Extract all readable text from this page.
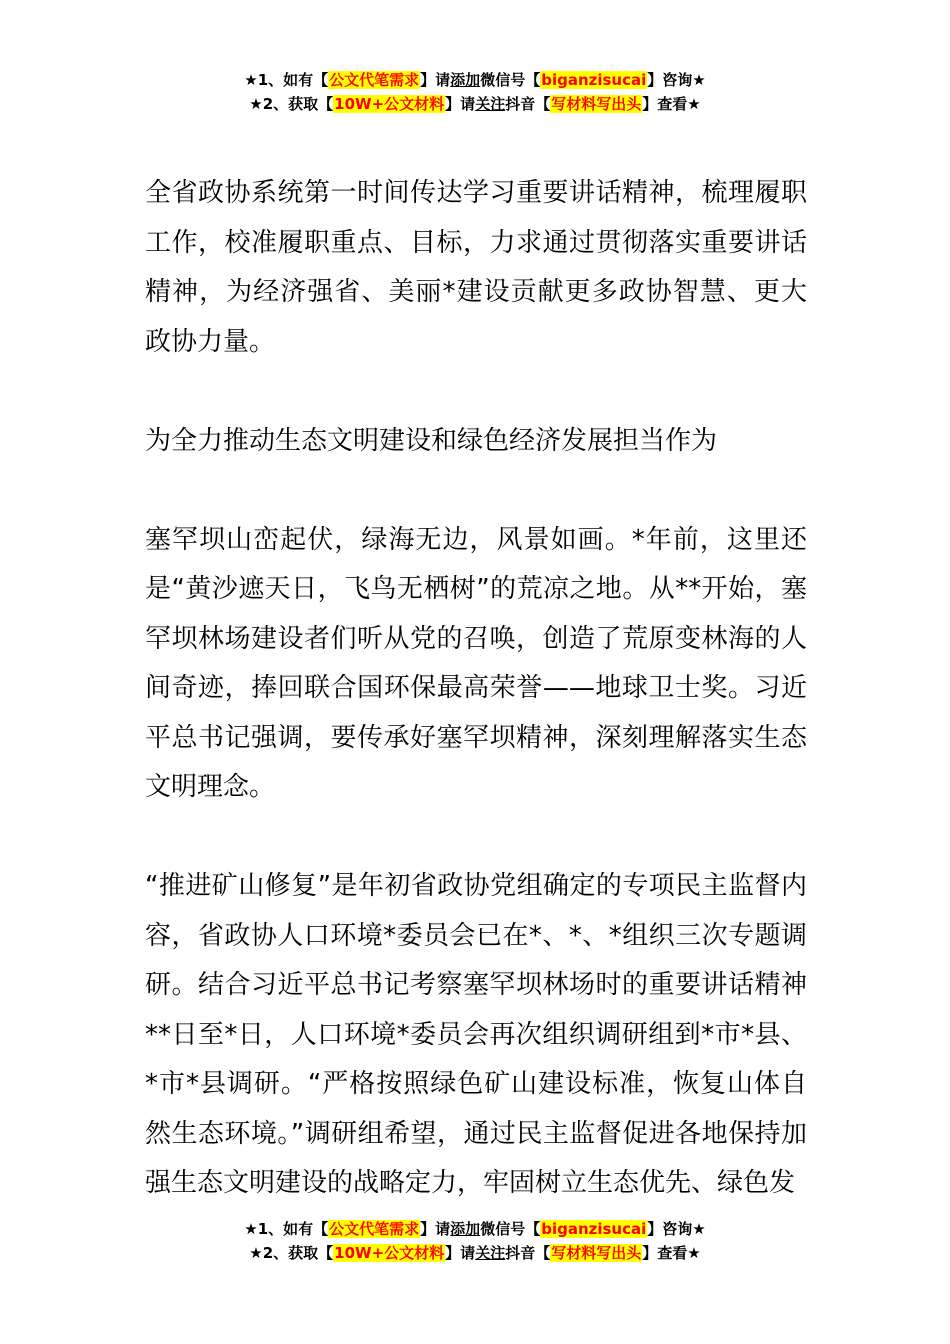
★1、如有【公文代笔需求】请添加微信号【biganzisucai】咨询★
★2、获取【10W+公文材料】请关注抖音【写材料写出头】查看★

全省政协系统第一时间传达学习重要讲话精神，梳理履职工作，校准履职重点、目标，力求通过贯彻落实重要讲话精神，为经济强省、美丽*建设贡献更多政协智慧、更大政协力量。

为全力推动生态文明建设和绿色经济发展担当作为

塞罕坝山峦起伏，绿海无边，风景如画。*年前，这里还是“黄沙遮天日，飞鸟无栖树”的荒凉之地。从**开始，塞罕坝林场建设者们听从党的召唤，创造了荒原变林海的人间奇迹，捧回联合国环保最高荣誉——地球卫士奖。习近平总书记强调，要传承好塞罕坝精神，深刻理解落实生态文明理念。

“推进矿山修复”是年初省政协党组确定的专项民主监督内容，省政协人口环境*委员会已在*、*、*组织三次专题调研。结合习近平总书记考察塞罕坝林场时的重要讲话精神**日至*日，人口环境*委员会再次组织调研组到*市*县、*市*县调研。“严格按照绿色矿山建设标准，恢复山体自然生态环境。”调研组希望，通过民主监督促进各地保持加强生态文明建设的战略定力，牢固树立生态优先、绿色发

★1、如有【公文代笔需求】请添加微信号【biganzisucai】咨询★
★2、获取【10W+公文材料】请关注抖音【写材料写出头】查看★
